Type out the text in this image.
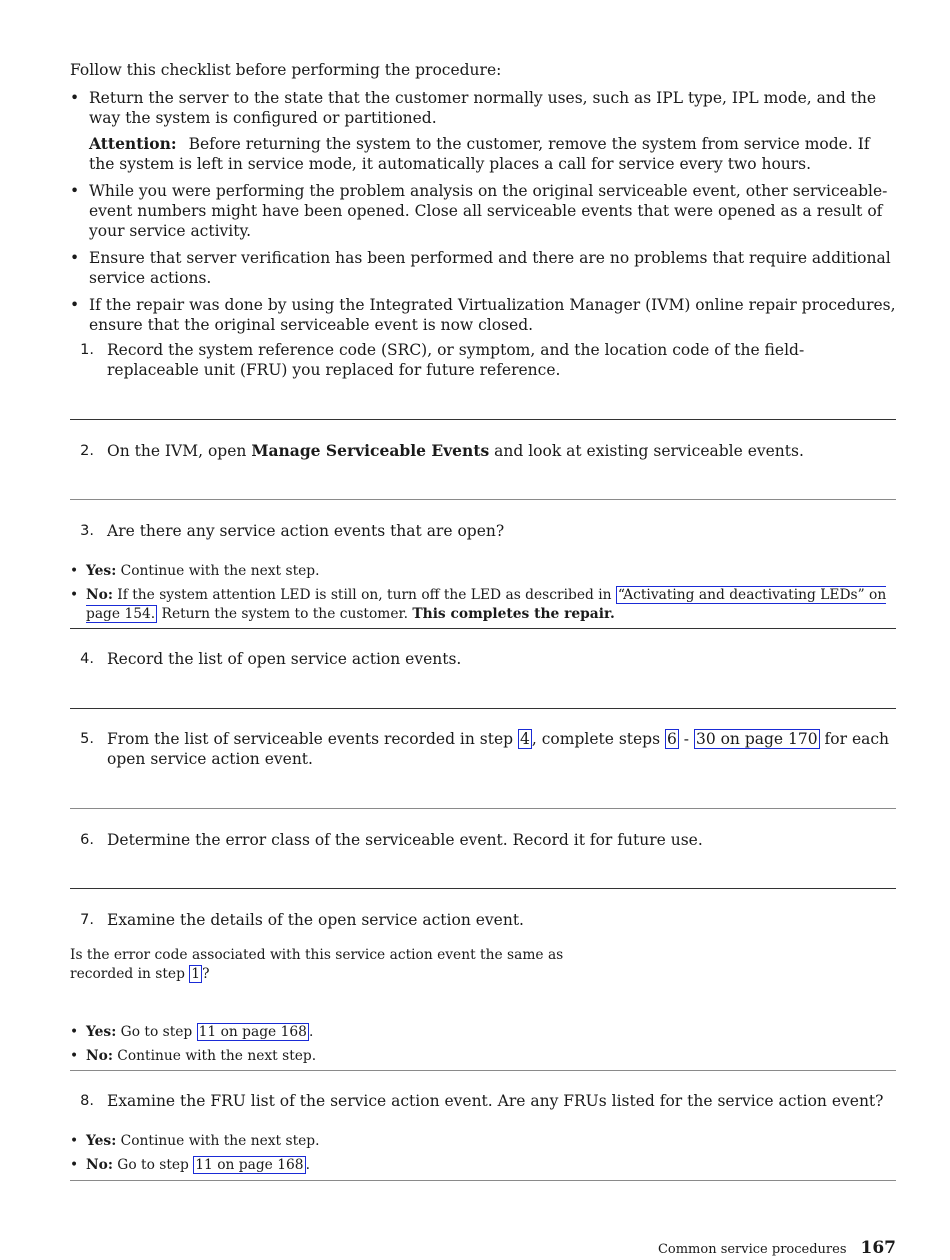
Follow this checklist before performing the procedure:

• Return the server to the state that the customer normally uses, such as IPL type, IPL mode, and the way the system is configured or partitioned.
Attention: Before returning the system to the customer, remove the system from service mode. If the system is left in service mode, it automatically places a call for service every two hours.
• While you were performing the problem analysis on the original serviceable event, other serviceable-event numbers might have been opened. Close all serviceable events that were opened as a result of your service activity.
• Ensure that server verification has been performed and there are no problems that require additional service actions.
• If the repair was done by using the Integrated Virtualization Manager (IVM) online repair procedures, ensure that the original serviceable event is now closed.
1. Record the system reference code (SRC), or symptom, and the location code of the field-replaceable unit (FRU) you replaced for future reference.
2. On the IVM, open Manage Serviceable Events and look at existing serviceable events.
3. Are there any service action events that are open?
• Yes: Continue with the next step.
• No: If the system attention LED is still on, turn off the LED as described in “Activating and deactivating LEDs” on page 154. Return the system to the customer. This completes the repair.
4. Record the list of open service action events.
5. From the list of serviceable events recorded in step 4 , complete steps 6 - 30 on page 170 for each open service action event.
6. Determine the error class of the serviceable event. Record it for future use.
7. Examine the details of the open service action event.
Is the error code associated with this service action event the same as recorded in step 1 ?
• Yes: Go to step 11 on page 168 .
• No: Continue with the next step.
8. Examine the FRU list of the service action event. Are any FRUs listed for the service action event?
• Yes: Continue with the next step.
• No: Go to step 11 on page 168 .
Common service procedures 167
